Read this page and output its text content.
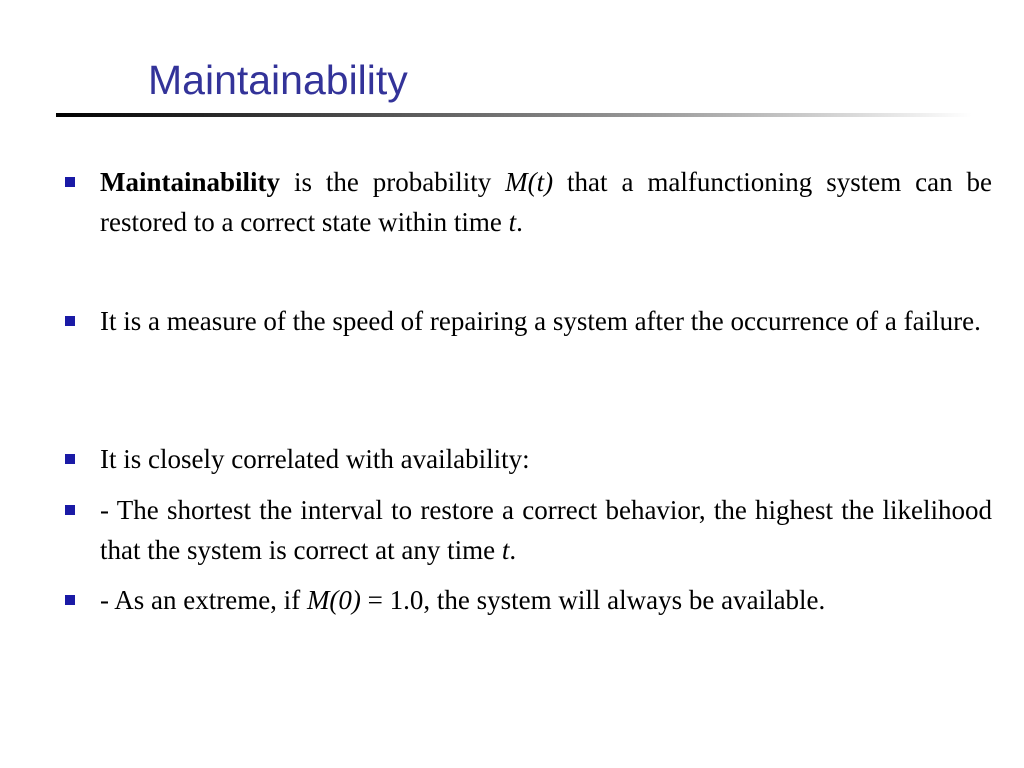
Maintainability
Maintainability is the probability M(t) that a malfunctioning system can be restored to a correct state within time t.
It is a measure of the speed of repairing a system after the occurrence of a failure.
It is closely correlated with availability:
- The shortest the interval to restore a correct behavior, the highest the likelihood that the system is correct at any time t.
- As an extreme, if M(0) = 1.0, the system will always be available.
